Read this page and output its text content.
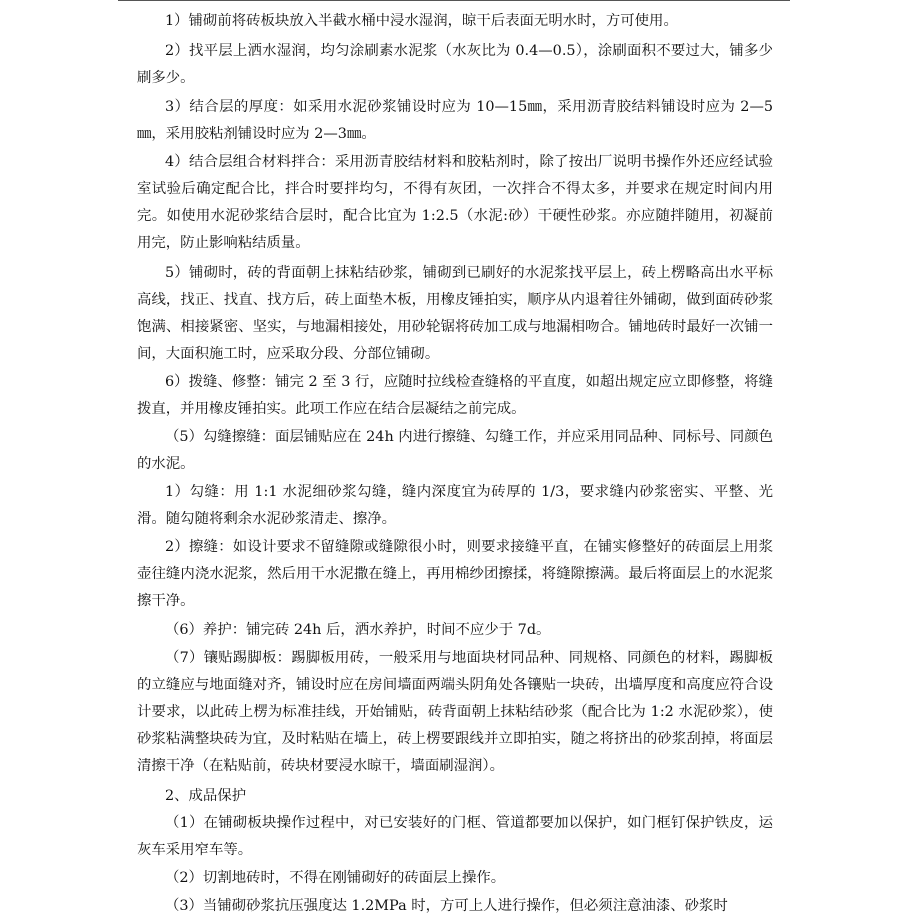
1）铺砌前将砖板块放入半截水桶中浸水湿润，晾干后表面无明水时，方可使用。

2）找平层上洒水湿润，均匀涂刷素水泥浆（水灰比为 0.4—0.5），涂刷面积不要过大，铺多少刷多少。

3）结合层的厚度：如采用水泥砂浆铺设时应为 10—15㎜，采用沥青胶结料铺设时应为 2—5㎜，采用胶粘剂铺设时应为 2—3㎜。

4）结合层组合材料拌合：采用沥青胶结材料和胶粘剂时，除了按出厂说明书操作外还应经试验室试验后确定配合比，拌合时要拌均匀，不得有灰团，一次拌合不得太多，并要求在规定时间内用完。如使用水泥砂浆结合层时，配合比宜为 1:2.5（水泥:砂）干硬性砂浆。亦应随拌随用，初凝前用完，防止影响粘结质量。

5）铺砌时，砖的背面朝上抹粘结砂浆，铺砌到已刷好的水泥浆找平层上，砖上楞略高出水平标高线，找正、找直、找方后，砖上面垫木板，用橡皮锤拍实，顺序从内退着往外铺砌，做到面砖砂浆饱满、相接紧密、坚实，与地漏相接处，用砂轮锯将砖加工成与地漏相吻合。铺地砖时最好一次铺一间，大面积施工时，应采取分段、分部位铺砌。

6）拨缝、修整：铺完 2 至 3 行，应随时拉线检查缝格的平直度，如超出规定应立即修整，将缝拨直，并用橡皮锤拍实。此项工作应在结合层凝结之前完成。

（5）勾缝擦缝：面层铺贴应在 24h 内进行擦缝、勾缝工作，并应采用同品种、同标号、同颜色的水泥。

1）勾缝：用 1:1 水泥细砂浆勾缝，缝内深度宜为砖厚的 1/3，要求缝内砂浆密实、平整、光滑。随勾随将剩余水泥砂浆清走、擦净。

2）擦缝：如设计要求不留缝隙或缝隙很小时，则要求接缝平直，在铺实修整好的砖面层上用浆壶往缝内浇水泥浆，然后用干水泥撒在缝上，再用棉纱团擦揉，将缝隙擦满。最后将面层上的水泥浆擦干净。

（6）养护：铺完砖 24h 后，洒水养护，时间不应少于 7d。

（7）镶贴踢脚板：踢脚板用砖，一般采用与地面块材同品种、同规格、同颜色的材料，踢脚板的立缝应与地面缝对齐，铺设时应在房间墙面两端头阴角处各镶贴一块砖，出墙厚度和高度应符合设计要求，以此砖上楞为标准挂线，开始铺贴，砖背面朝上抹粘结砂浆（配合比为 1:2 水泥砂浆），使砂浆粘满整块砖为宜，及时粘贴在墙上，砖上楞要跟线并立即拍实，随之将挤出的砂浆刮掉，将面层清擦干净（在粘贴前，砖块材要浸水晾干，墙面刷湿润）。

2、成品保护

（1）在铺砌板块操作过程中，对已安装好的门框、管道都要加以保护，如门框钉保护铁皮，运灰车采用窄车等。

（2）切割地砖时，不得在刚铺砌好的砖面层上操作。

（3）当铺砌砂浆抗压强度达 1.2MPa 时，方可上人进行操作，但必须注意油漆、砂浆时
